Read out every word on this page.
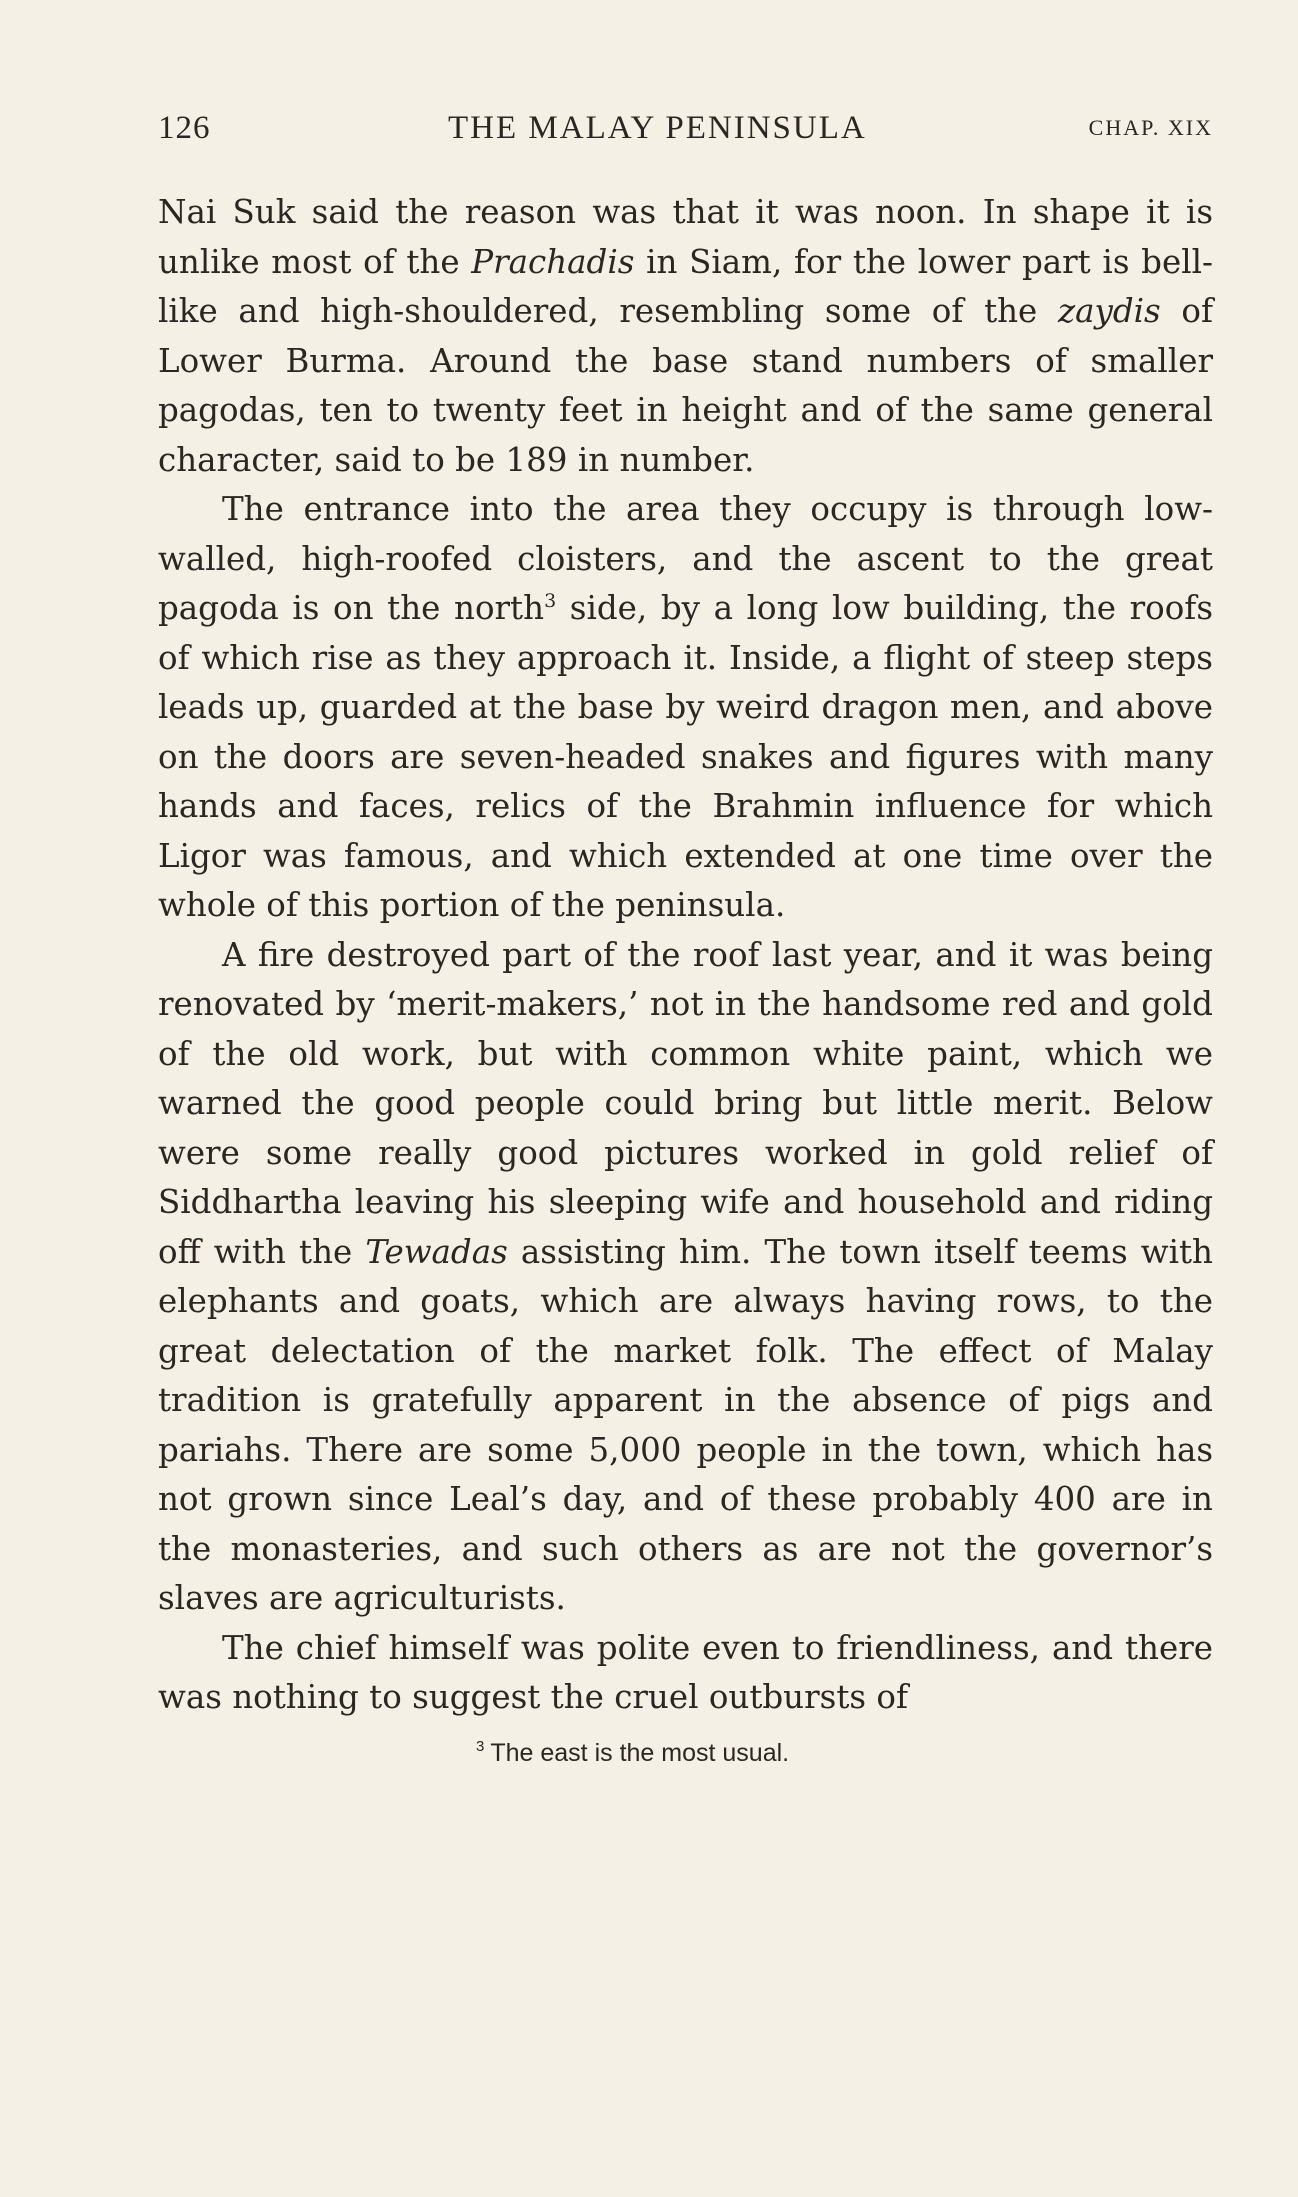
126	THE MALAY PENINSULA	CHAP. XIX

Nai Suk said the reason was that it was noon. In shape it is unlike most of the Prachadis in Siam, for the lower part is bell-like and high-shouldered, resembling some of the zaydis of Lower Burma. Around the base stand numbers of smaller pagodas, ten to twenty feet in height and of the same general character, said to be 189 in number.

The entrance into the area they occupy is through low-walled, high-roofed cloisters, and the ascent to the great pagoda is on the north$^3$ side, by a long low building, the roofs of which rise as they approach it. Inside, a flight of steep steps leads up, guarded at the base by weird dragon men, and above on the doors are seven-headed snakes and figures with many hands and faces, relics of the Brahmin influence for which Ligor was famous, and which extended at one time over the whole of this portion of the peninsula.

A fire destroyed part of the roof last year, and it was being renovated by ‘merit-makers,’ not in the handsome red and gold of the old work, but with common white paint, which we warned the good people could bring but little merit. Below were some really good pictures worked in gold relief of Siddhartha leaving his sleeping wife and household and riding off with the Tewadas assisting him. The town itself teems with elephants and goats, which are always having rows, to the great delectation of the market folk. The effect of Malay tradition is gratefully apparent in the absence of pigs and pariahs. There are some 5,000 people in the town, which has not grown since Leal’s day, and of these probably 400 are in the monasteries, and such others as are not the governor’s slaves are agriculturists.

The chief himself was polite even to friendliness, and there was nothing to suggest the cruel outbursts of

$^3$ The east is the most usual.
